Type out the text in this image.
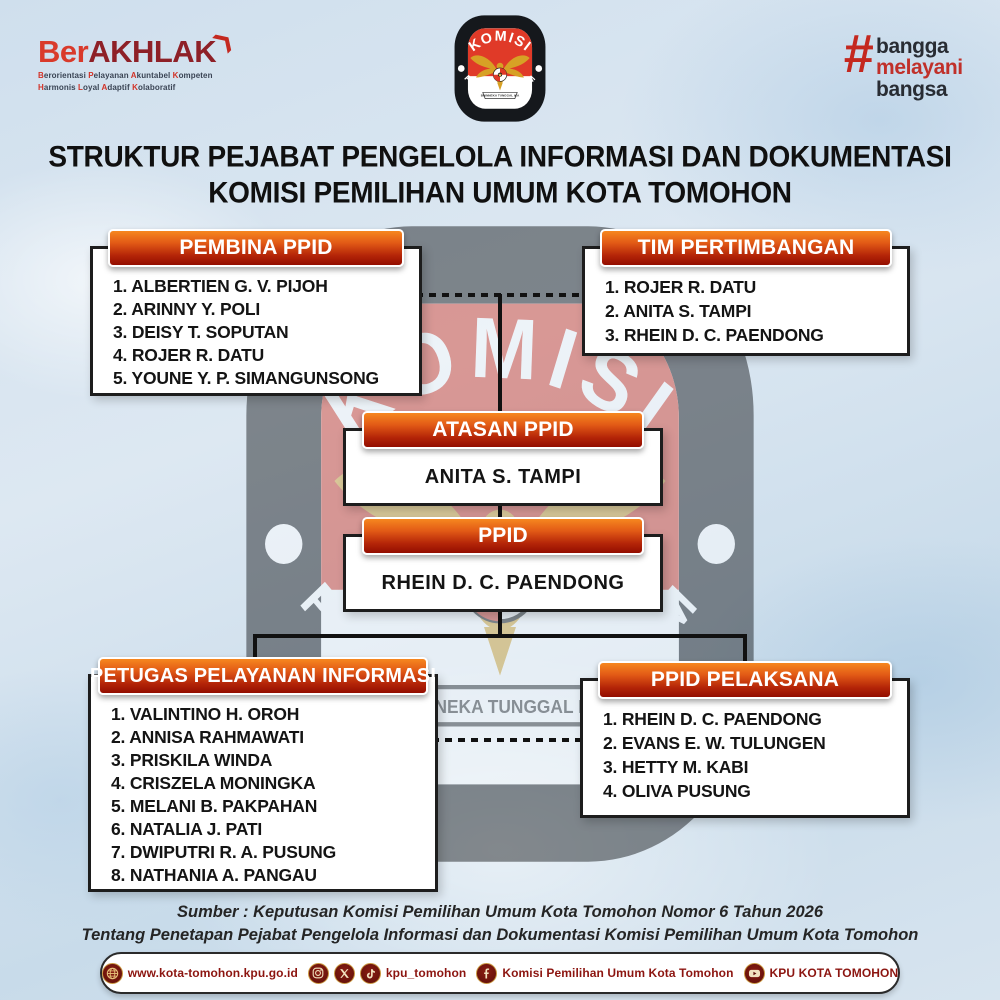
BerAKHLAK
❯
Berorientasi Pelayanan Akuntabel Kompeten
Harmonis Loyal Adaptif Kolaboratif
# bangga
melayani
bangsa
STRUKTUR PEJABAT PENGELOLA INFORMASI DAN DOKUMENTASI
KOMISI PEMILIHAN UMUM KOTA TOMOHON
PEMBINA PPID
1. ALBERTIEN G. V. PIJOH
2. ARINNY Y. POLI
3. DEISY T. SOPUTAN
4. ROJER R. DATU
5. YOUNE Y. P. SIMANGUNSONG
TIM PERTIMBANGAN
1. ROJER R. DATU
2. ANITA S. TAMPI
3. RHEIN D. C. PAENDONG
ATASAN PPID
ANITA S. TAMPI
PPID
RHEIN D. C. PAENDONG
PETUGAS PELAYANAN INFORMASI
1. VALINTINO H. OROH
2. ANNISA RAHMAWATI
3. PRISKILA WINDA
4. CRISZELA MONINGKA
5. MELANI B. PAKPAHAN
6. NATALIA J. PATI
7. DWIPUTRI R. A. PUSUNG
8. NATHANIA A. PANGAU
PPID PELAKSANA
1. RHEIN D. C. PAENDONG
2. EVANS E. W. TULUNGEN
3. HETTY M. KABI
4. OLIVA PUSUNG
Sumber : Keputusan Komisi Pemilihan Umum Kota Tomohon Nomor 6 Tahun 2026
Tentang Penetapan Pejabat Pengelola Informasi dan Dokumentasi Komisi Pemilihan Umum Kota Tomohon
www.kota-tomohon.kpu.go.id	kpu_tomohon	Komisi Pemilihan Umum Kota Tomohon	KPU KOTA TOMOHON
